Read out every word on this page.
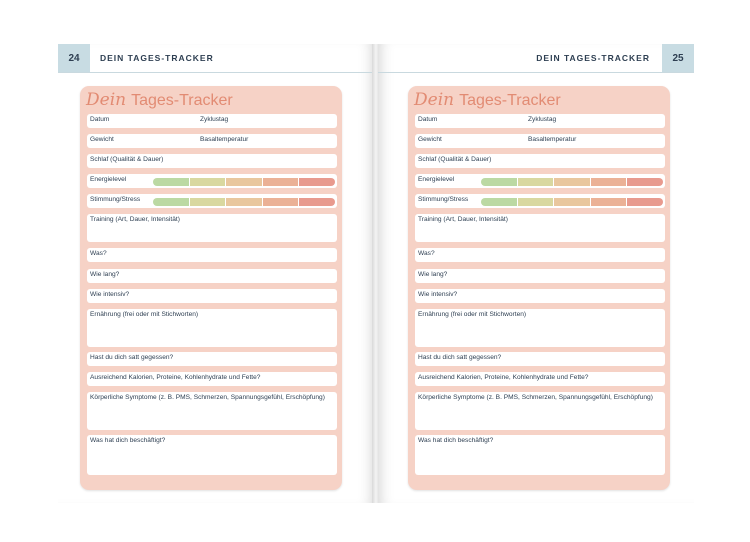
24	DEIN TAGES-TRACKER
Dein Tages-Tracker
Datum	Zyklustag
Gewicht	Basaltemperatur
Schlaf (Qualität & Dauer)
Energielevel
Stimmung/Stress
Training (Art, Dauer, Intensität)
Was?
Wie lang?
Wie intensiv?
Ernährung (frei oder mit Stichworten)
Hast du dich satt gegessen?
Ausreichend Kalorien, Proteine, Kohlenhydrate und Fette?
Körperliche Symptome (z. B. PMS, Schmerzen, Spannungsgefühl, Erschöpfung)
Was hat dich beschäftigt?
25
DEIN TAGES-TRACKER
Dein Tages-Tracker
Datum	Zyklustag
Gewicht	Basaltemperatur
Schlaf (Qualität & Dauer)
Energielevel
Stimmung/Stress
Training (Art, Dauer, Intensität)
Was?
Wie lang?
Wie intensiv?
Ernährung (frei oder mit Stichworten)
Hast du dich satt gegessen?
Ausreichend Kalorien, Proteine, Kohlenhydrate und Fette?
Körperliche Symptome (z. B. PMS, Schmerzen, Spannungsgefühl, Erschöpfung)
Was hat dich beschäftigt?
